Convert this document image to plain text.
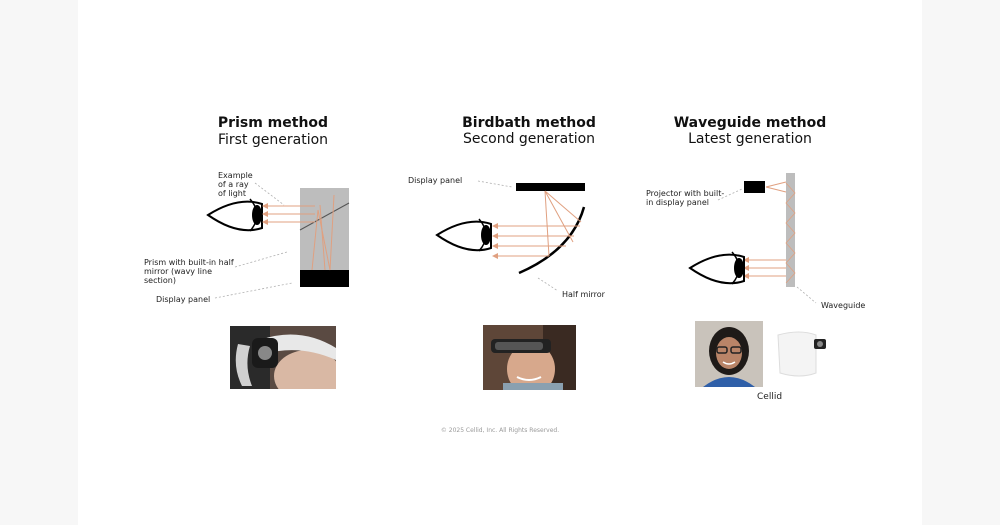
Prism method
First generation
Birdbath method
Second generation
Waveguide method
Latest generation
Example
of a ray
of light
Prism with built-in half
mirror (wavy line
section)
Display panel
Display panel
Half mirror
Projector with built-
in display panel
Waveguide
Cellid
© 2025 Cellid, Inc. All Rights Reserved.
